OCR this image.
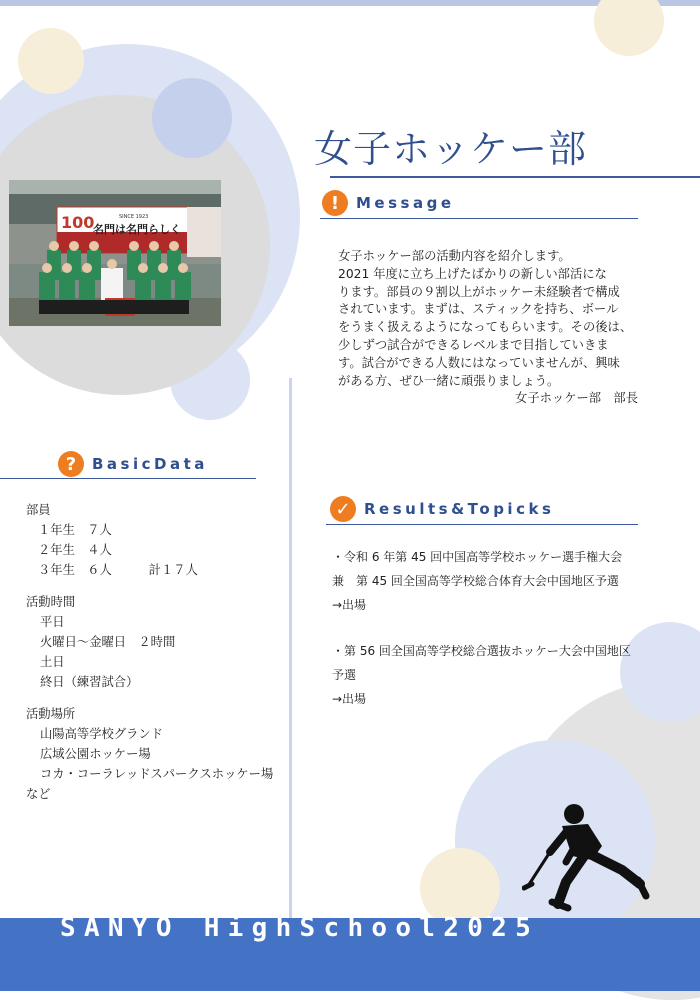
女子ホッケー部
100	SINCE 1923
名門は名門らしく
!	Message

女子ホッケー部の活動内容を紹介します。

2021 年度に立ち上げたばかりの新しい部活にな

ります。部員の９割以上がホッケー未経験者で構成

されています。まずは、スティックを持ち、ボール

をうまく扱えるようになってもらいます。その後は、

少しずつ試合ができるレベルまで目指していきま

す。試合ができる人数にはなっていませんが、興味

がある方、ぜひ一緒に頑張りましょう。

女子ホッケー部　部長

?	BasicData
部員
１年生　７人
２年生　４人
３年生　６人　　　計１７人
活動時間
平日
火曜日～金曜日　２時間
土日
終日（練習試合）
活動場所
山陽高等学校グランド
広域公園ホッケー場
コカ・コーラレッドスパークスホッケー場
など
✓ Results&Topicks
・令和 6 年第 45 回中国高等学校ホッケー選手権大会
兼　第 45 回全国高等学校総合体育大会中国地区予選
→出場
・第 56 回全国高等学校総合選抜ホッケー大会中国地区
予選
→出場
SANYO HighSchool2025
